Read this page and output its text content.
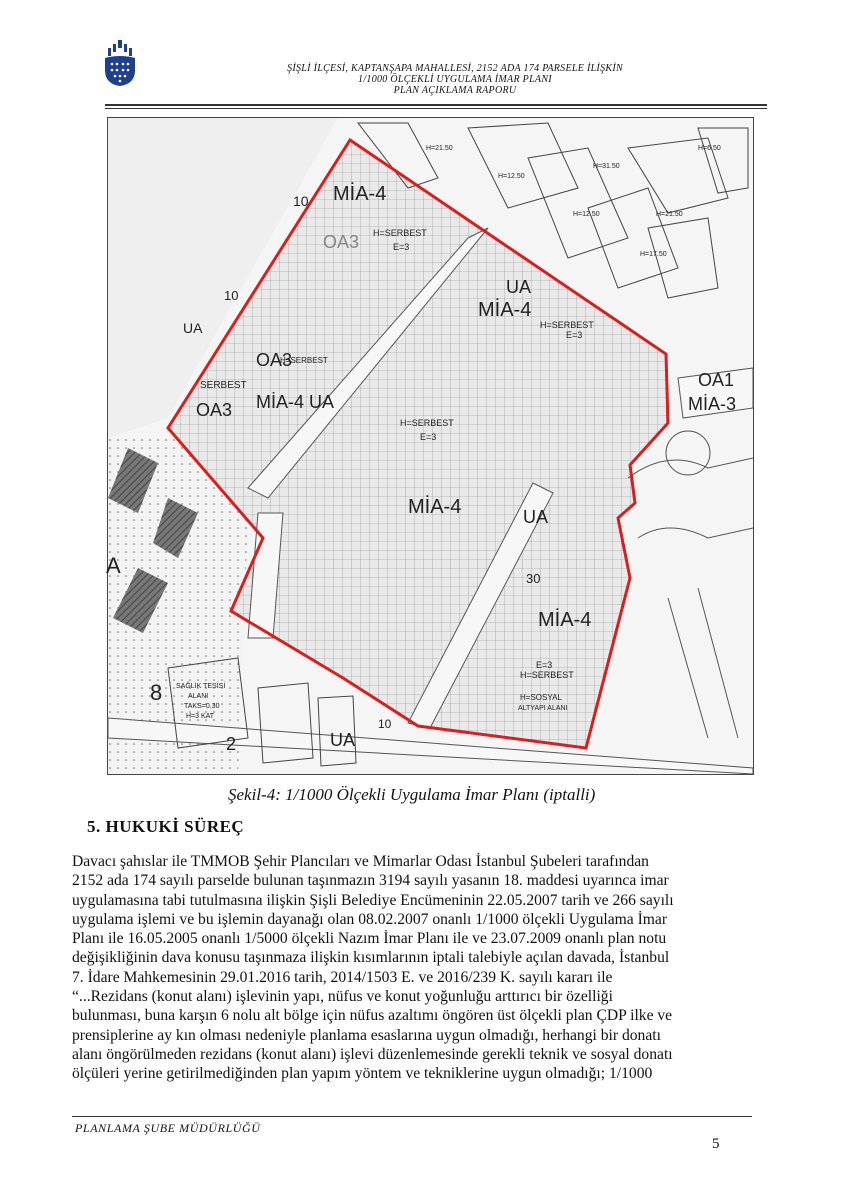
ŞİŞLİ İLÇESİ, KAPTANŞAPA MAHALLESİ, 2152 ADA 174 PARSELE İLİŞKİN
1/1000 ÖLÇEKLİ UYGULAMA İMAR PLANI
PLAN AÇIKLAMA RAPORU
MİA-4
OA3 H=SERBEST
E=3
UA
MİA-4
H=SERBEST
E=3
UA
OA3
H=SERBEST
SERBEST
OA3 MİA-4 UA
H=SERBEST
E=3
MİA-4	UA
OA1
MİA-3
MİA-4
E=3
H=SERBEST
H=SOSYAL
ALTYAPI ALANI
A
UA
10
10
10
30
8
2
SAĞLIK TESİSİ
ALANI
TAKS=0.30
H=3 KAT
H=21.50
H=12.50
H=31.50
H=12.50	H=21.50
H=17.50
H=6.50
Şekil-4: 1/1000 Ölçekli Uygulama İmar Planı (iptalli)
5. HUKUKİ SÜREÇ
Davacı şahıslar ile TMMOB Şehir Plancıları ve Mimarlar Odası İstanbul Şubeleri tarafından
2152 ada 174 sayılı parselde bulunan taşınmazın 3194 sayılı yasanın 18. maddesi uyarınca imar
uygulamasına tabi tutulmasına ilişkin Şişli Belediye Encümeninin 22.05.2007 tarih ve 266 sayılı
uygulama işlemi ve bu işlemin dayanağı olan 08.02.2007 onanlı 1/1000 ölçekli Uygulama İmar
Planı ile 16.05.2005 onanlı 1/5000 ölçekli Nazım İmar Planı ile ve 23.07.2009 onanlı plan notu
değişikliğinin dava konusu taşınmaza ilişkin kısımlarının iptali talebiyle açılan davada, İstanbul
7. İdare Mahkemesinin 29.01.2016 tarih, 2014/1503 E. ve 2016/239 K. sayılı kararı ile
“...Rezidans (konut alanı) işlevinin yapı, nüfus ve konut yoğunluğu arttırıcı bir özelliği
bulunması, buna karşın 6 nolu alt bölge için nüfus azaltımı öngören üst ölçekli plan ÇDP ilke ve
prensiplerine ay kın olması nedeniyle planlama esaslarına uygun olmadığı, herhangi bir donatı
alanı öngörülmeden rezidans (konut alanı) işlevi düzenlemesinde gerekli teknik ve sosyal donatı
ölçüleri yerine getirilmediğinden plan yapım yöntem ve tekniklerine uygun olmadığı; 1/1000
PLANLAMA ŞUBE MÜDÜRLÜĞÜ
5
